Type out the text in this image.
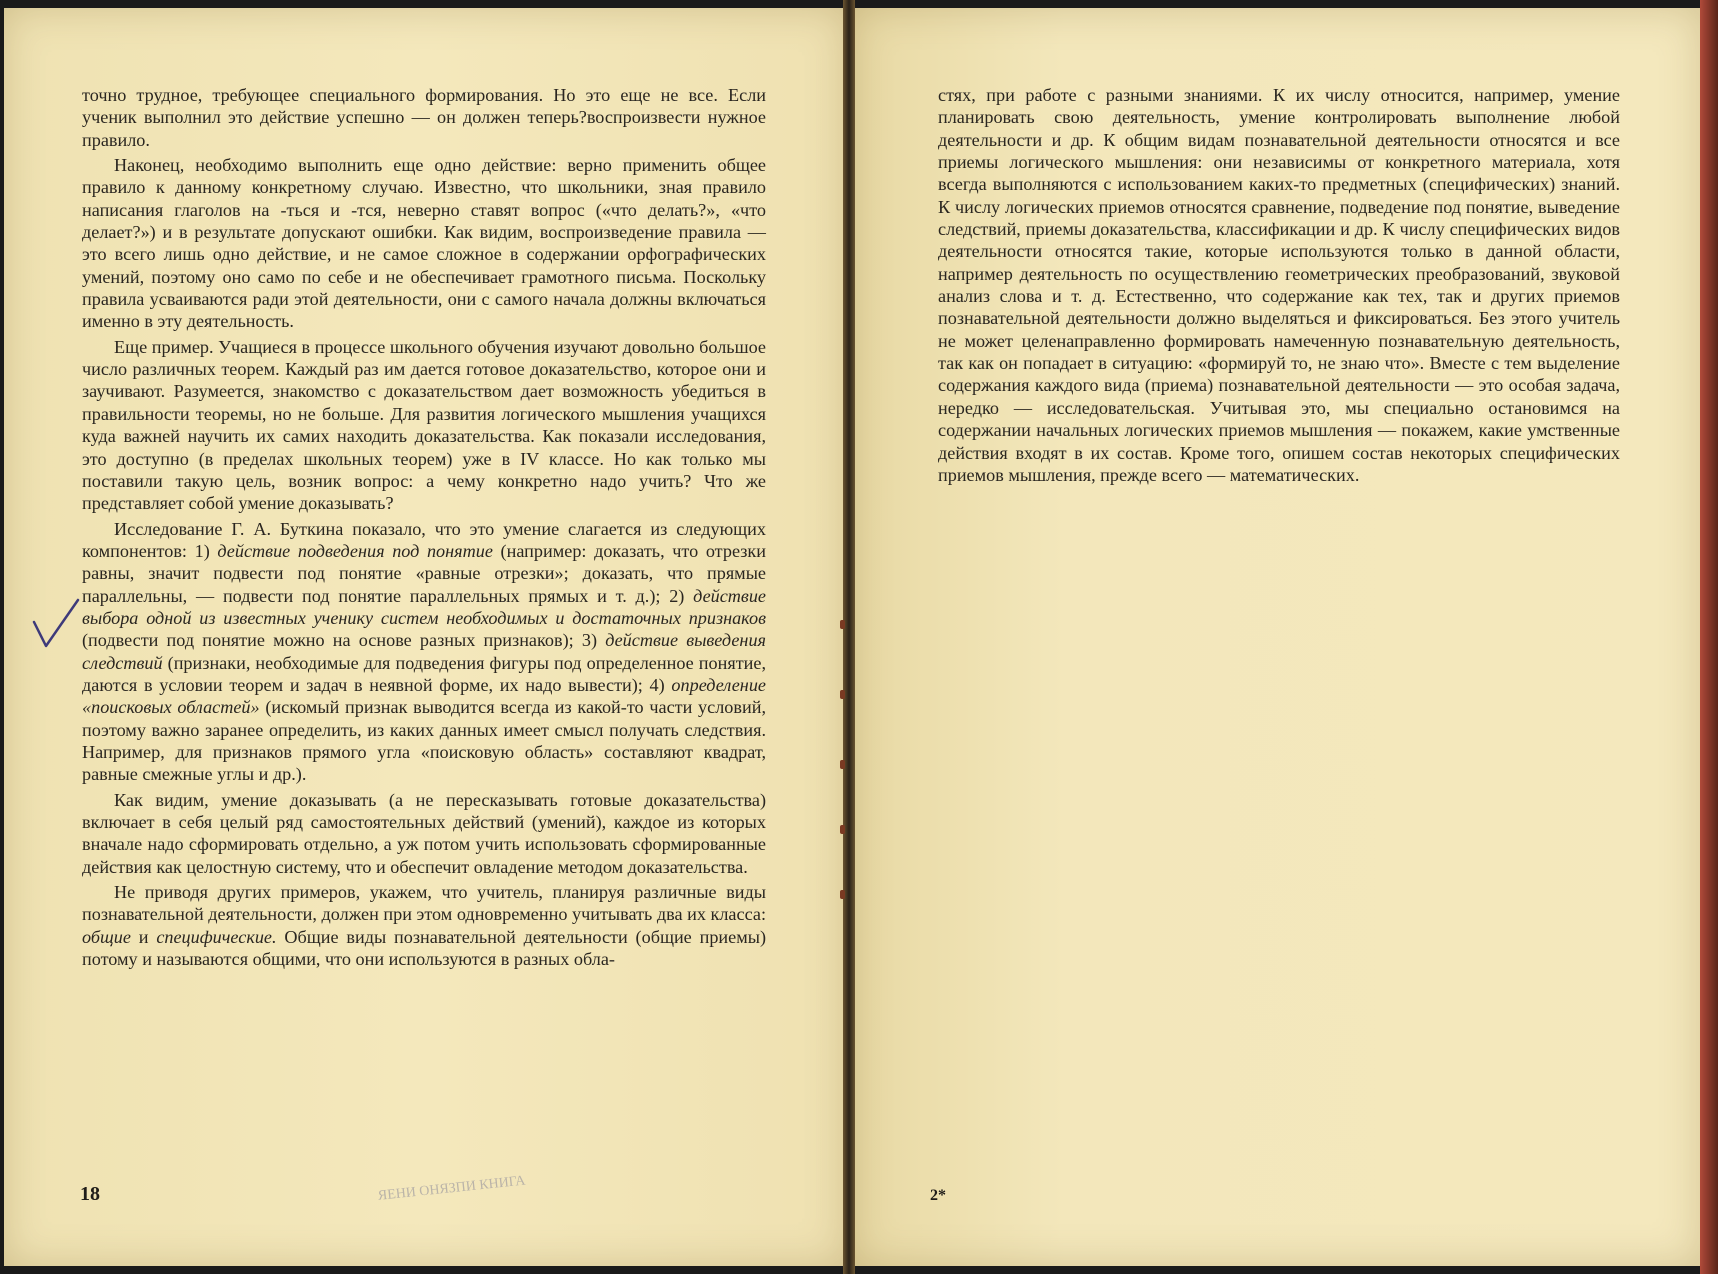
точно трудное, требующее специального формирования. Но это еще не все. Если ученик выполнил это действие успешно — он должен теперь?воспроизвести нужное правило.

Наконец, необходимо выполнить еще одно действие: верно применить общее правило к данному конкретному случаю. Известно, что школьники, зная правило написания глаголов на -ться и -тся, неверно ставят вопрос («что делать?», «что делает?») и в результате допускают ошибки. Как видим, воспроизведение правила — это всего лишь одно действие, и не самое сложное в содержании орфографических умений, поэтому оно само по себе и не обеспечивает грамотного письма. Поскольку правила усваиваются ради этой деятельности, они с самого начала должны включаться именно в эту деятельность.

Еще пример. Учащиеся в процессе школьного обучения изучают довольно большое число различных теорем. Каждый раз им дается готовое доказательство, которое они и заучивают. Разумеется, знакомство с доказательством дает возможность убедиться в правильности теоремы, но не больше. Для развития логического мышления учащихся куда важней научить их самих находить доказательства. Как показали исследования, это доступно (в пределах школьных теорем) уже в IV классе. Но как только мы поставили такую цель, возник вопрос: а чему конкретно надо учить? Что же представляет собой умение доказывать?

Исследование Г. А. Буткина показало, что это умение слагается из следующих компонентов: 1) действие подведения под понятие (например: доказать, что отрезки равны, значит подвести под понятие «равные отрезки»; доказать, что прямые параллельны, — подвести под понятие параллельных прямых и т. д.); 2) действие выбора одной из известных ученику систем необходимых и достаточных признаков (подвести под понятие можно на основе разных признаков); 3) действие выведения следствий (признаки, необходимые для подведения фигуры под определенное понятие, даются в условии теорем и задач в неявной форме, их надо вывести); 4) определение «поисковых областей» (искомый признак выводится всегда из какой-то части условий, поэтому важно заранее определить, из каких данных имеет смысл получать следствия. Например, для признаков прямого угла «поисковую область» составляют квадрат, равные смежные углы и др.).

Как видим, умение доказывать (а не пересказывать готовые доказательства) включает в себя целый ряд самостоятельных действий (умений), каждое из которых вначале надо сформировать отдельно, а уж потом учить использовать сформированные действия как целостную систему, что и обеспечит овладение методом доказательства.

Не приводя других примеров, укажем, что учитель, планируя различные виды познавательной деятельности, должен при этом одновременно учитывать два их класса: общие и специфические. Общие виды познавательной деятельности (общие приемы) потому и называются общими, что они используются в разных обла-

18	ЯЕНИ ОНЯЗПИ КНИГА

стях, при работе с разными знаниями. К их числу относится, например, умение планировать свою деятельность, умение контролировать выполнение любой деятельности и др. К общим видам познавательной деятельности относятся и все приемы логического мышления: они независимы от конкретного материала, хотя всегда выполняются с использованием каких-то предметных (специфических) знаний. К числу логических приемов относятся сравнение, подведение под понятие, выведение следствий, приемы доказательства, классификации и др. К числу специфических видов деятельности относятся такие, которые используются только в данной области, например деятельность по осуществлению геометрических преобразований, звуковой анализ слова и т. д. Естественно, что содержание как тех, так и других приемов познавательной деятельности должно выделяться и фиксироваться. Без этого учитель не может целенаправленно формировать намеченную познавательную деятельность, так как он попадает в ситуацию: «формируй то, не знаю что». Вместе с тем выделение содержания каждого вида (приема) познавательной деятельности — это особая задача, нередко — исследовательская. Учитывая это, мы специально остановимся на содержании начальных логических приемов мышления — покажем, какие умственные действия входят в их состав. Кроме того, опишем состав некоторых специфических приемов мышления, прежде всего — математических.

2*
